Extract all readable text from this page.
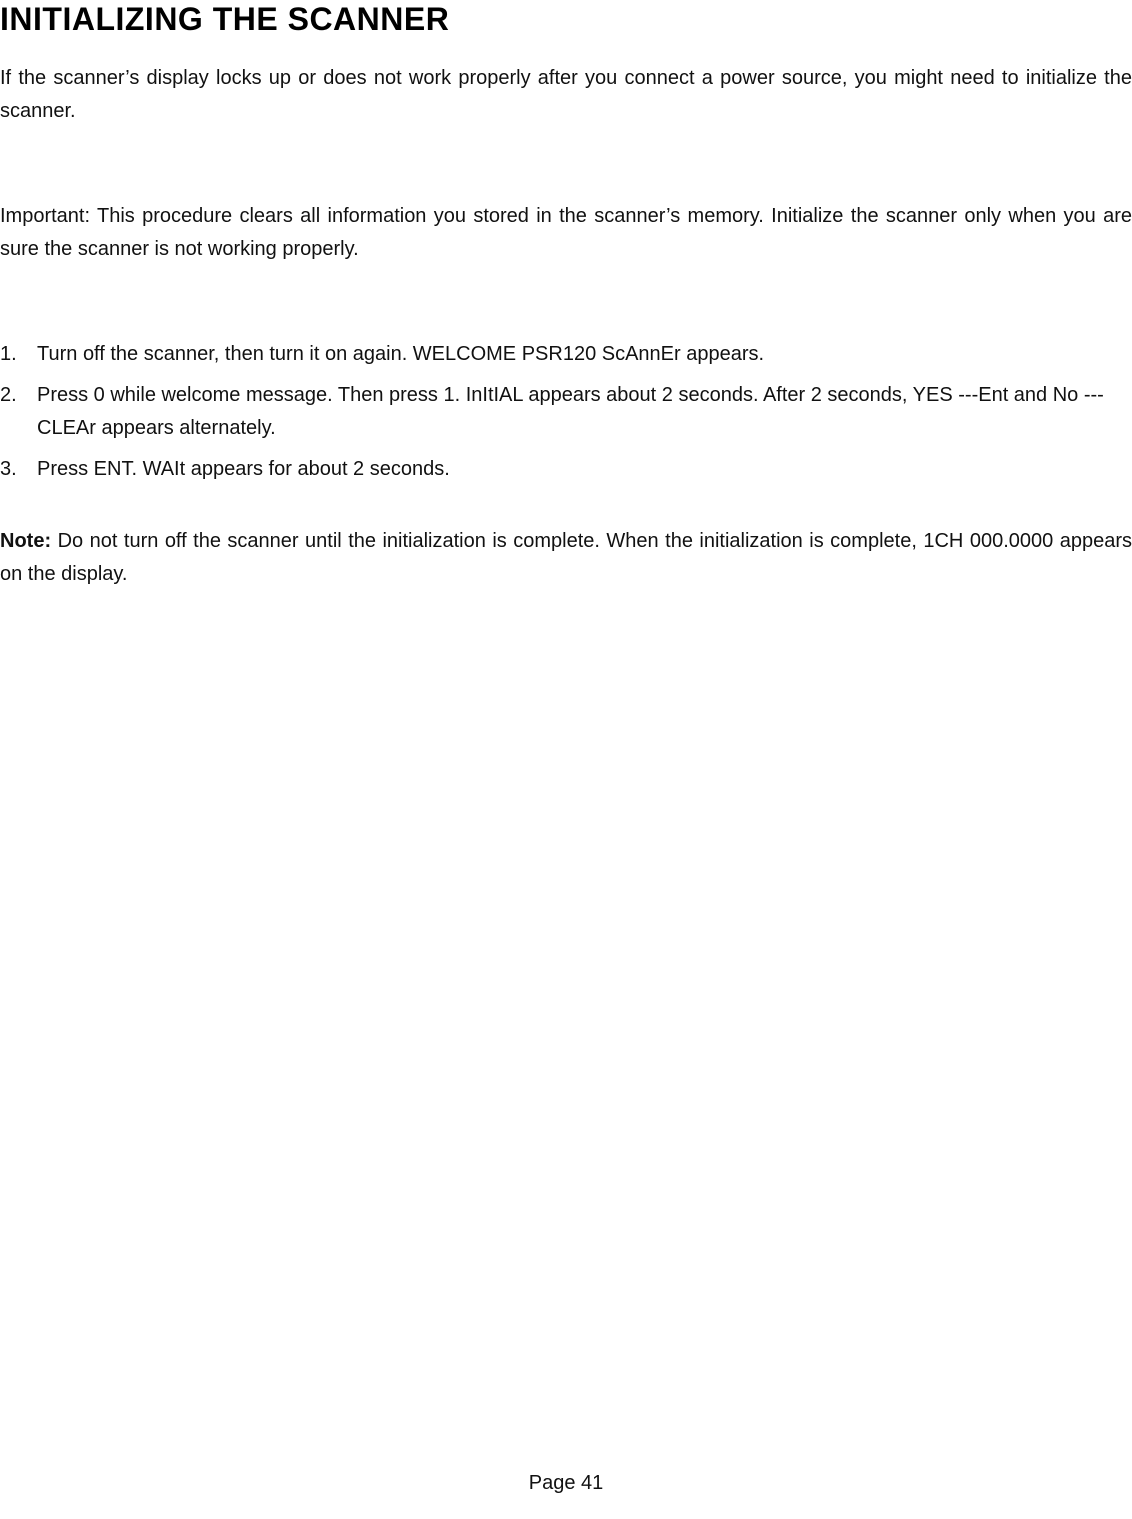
INITIALIZING THE SCANNER

If the scanner’s display locks up or does not work properly after you connect a power source, you might need to initialize the scanner.

Important: This procedure clears all information you stored in the scanner’s memory. Initialize the scanner only when you are sure the scanner is not working properly.

1. Turn off the scanner, then turn it on again. WELCOME PSR120 ScAnnEr appears.
2. Press 0 while welcome message. Then press 1. InItIAL appears about 2 seconds. After 2 seconds, YES ---Ent and No ---CLEAr appears alternately.
3. Press ENT. WAIt appears for about 2 seconds.

Note: Do not turn off the scanner until the initialization is complete. When the initialization is complete, 1CH 000.0000 appears on the display.

Page 41
